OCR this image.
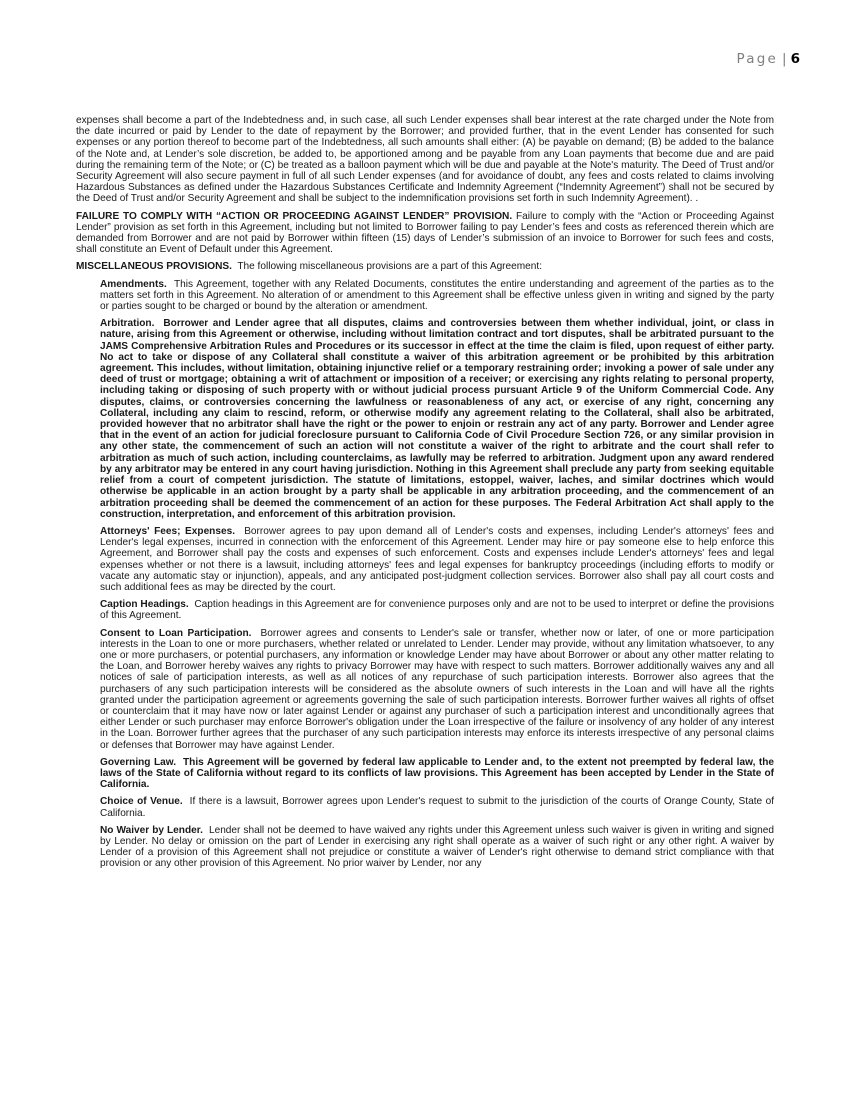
Page | 6

expenses shall become a part of the Indebtedness and, in such case, all such Lender expenses shall bear interest at the rate charged under the Note from the date incurred or paid by Lender to the date of repayment by the Borrower; and provided further, that in the event Lender has consented for such expenses or any portion thereof to become part of the Indebtedness, all such amounts shall either: (A) be payable on demand; (B) be added to the balance of the Note and, at Lender’s sole discretion, be added to, be apportioned among and be payable from any Loan payments that become due and are paid during the remaining term of the Note; or (C) be treated as a balloon payment which will be due and payable at the Note's maturity. The Deed of Trust and/or Security Agreement will also secure payment in full of all such Lender expenses (and for avoidance of doubt, any fees and costs related to claims involving Hazardous Substances as defined under the Hazardous Substances Certificate and Indemnity Agreement (“Indemnity Agreement”) shall not be secured by the Deed of Trust and/or Security Agreement and shall be subject to the indemnification provisions set forth in such Indemnity Agreement). .

FAILURE TO COMPLY WITH “ACTION OR PROCEEDING AGAINST LENDER” PROVISION. Failure to comply with the “Action or Proceeding Against Lender” provision as set forth in this Agreement, including but not limited to Borrower failing to pay Lender’s fees and costs as referenced therein which are demanded from Borrower and are not paid by Borrower within fifteen (15) days of Lender’s submission of an invoice to Borrower for such fees and costs, shall constitute an Event of Default under this Agreement.

MISCELLANEOUS PROVISIONS. The following miscellaneous provisions are a part of this Agreement:

Amendments. This Agreement, together with any Related Documents, constitutes the entire understanding and agreement of the parties as to the matters set forth in this Agreement. No alteration of or amendment to this Agreement shall be effective unless given in writing and signed by the party or parties sought to be charged or bound by the alteration or amendment.

Arbitration. Borrower and Lender agree that all disputes, claims and controversies between them whether individual, joint, or class in nature, arising from this Agreement or otherwise, including without limitation contract and tort disputes, shall be arbitrated pursuant to the JAMS Comprehensive Arbitration Rules and Procedures or its successor in effect at the time the claim is filed, upon request of either party. No act to take or dispose of any Collateral shall constitute a waiver of this arbitration agreement or be prohibited by this arbitration agreement. This includes, without limitation, obtaining injunctive relief or a temporary restraining order; invoking a power of sale under any deed of trust or mortgage; obtaining a writ of attachment or imposition of a receiver; or exercising any rights relating to personal property, including taking or disposing of such property with or without judicial process pursuant Article 9 of the Uniform Commercial Code. Any disputes, claims, or controversies concerning the lawfulness or reasonableness of any act, or exercise of any right, concerning any Collateral, including any claim to rescind, reform, or otherwise modify any agreement relating to the Collateral, shall also be arbitrated, provided however that no arbitrator shall have the right or the power to enjoin or restrain any act of any party. Borrower and Lender agree that in the event of an action for judicial foreclosure pursuant to California Code of Civil Procedure Section 726, or any similar provision in any other state, the commencement of such an action will not constitute a waiver of the right to arbitrate and the court shall refer to arbitration as much of such action, including counterclaims, as lawfully may be referred to arbitration. Judgment upon any award rendered by any arbitrator may be entered in any court having jurisdiction. Nothing in this Agreement shall preclude any party from seeking equitable relief from a court of competent jurisdiction. The statute of limitations, estoppel, waiver, laches, and similar doctrines which would otherwise be applicable in an action brought by a party shall be applicable in any arbitration proceeding, and the commencement of an arbitration proceeding shall be deemed the commencement of an action for these purposes. The Federal Arbitration Act shall apply to the construction, interpretation, and enforcement of this arbitration provision.

Attorneys' Fees; Expenses. Borrower agrees to pay upon demand all of Lender's costs and expenses, including Lender's attorneys' fees and Lender's legal expenses, incurred in connection with the enforcement of this Agreement. Lender may hire or pay someone else to help enforce this Agreement, and Borrower shall pay the costs and expenses of such enforcement. Costs and expenses include Lender's attorneys' fees and legal expenses whether or not there is a lawsuit, including attorneys' fees and legal expenses for bankruptcy proceedings (including efforts to modify or vacate any automatic stay or injunction), appeals, and any anticipated post-judgment collection services. Borrower also shall pay all court costs and such additional fees as may be directed by the court.

Caption Headings. Caption headings in this Agreement are for convenience purposes only and are not to be used to interpret or define the provisions of this Agreement.

Consent to Loan Participation. Borrower agrees and consents to Lender's sale or transfer, whether now or later, of one or more participation interests in the Loan to one or more purchasers, whether related or unrelated to Lender. Lender may provide, without any limitation whatsoever, to any one or more purchasers, or potential purchasers, any information or knowledge Lender may have about Borrower or about any other matter relating to the Loan, and Borrower hereby waives any rights to privacy Borrower may have with respect to such matters. Borrower additionally waives any and all notices of sale of participation interests, as well as all notices of any repurchase of such participation interests. Borrower also agrees that the purchasers of any such participation interests will be considered as the absolute owners of such interests in the Loan and will have all the rights granted under the participation agreement or agreements governing the sale of such participation interests. Borrower further waives all rights of offset or counterclaim that it may have now or later against Lender or against any purchaser of such a participation interest and unconditionally agrees that either Lender or such purchaser may enforce Borrower's obligation under the Loan irrespective of the failure or insolvency of any holder of any interest in the Loan. Borrower further agrees that the purchaser of any such participation interests may enforce its interests irrespective of any personal claims or defenses that Borrower may have against Lender.

Governing Law. This Agreement will be governed by federal law applicable to Lender and, to the extent not preempted by federal law, the laws of the State of California without regard to its conflicts of law provisions. This Agreement has been accepted by Lender in the State of California.

Choice of Venue. If there is a lawsuit, Borrower agrees upon Lender's request to submit to the jurisdiction of the courts of Orange County, State of California.

No Waiver by Lender. Lender shall not be deemed to have waived any rights under this Agreement unless such waiver is given in writing and signed by Lender. No delay or omission on the part of Lender in exercising any right shall operate as a waiver of such right or any other right. A waiver by Lender of a provision of this Agreement shall not prejudice or constitute a waiver of Lender's right otherwise to demand strict compliance with that provision or any other provision of this Agreement. No prior waiver by Lender, nor any
